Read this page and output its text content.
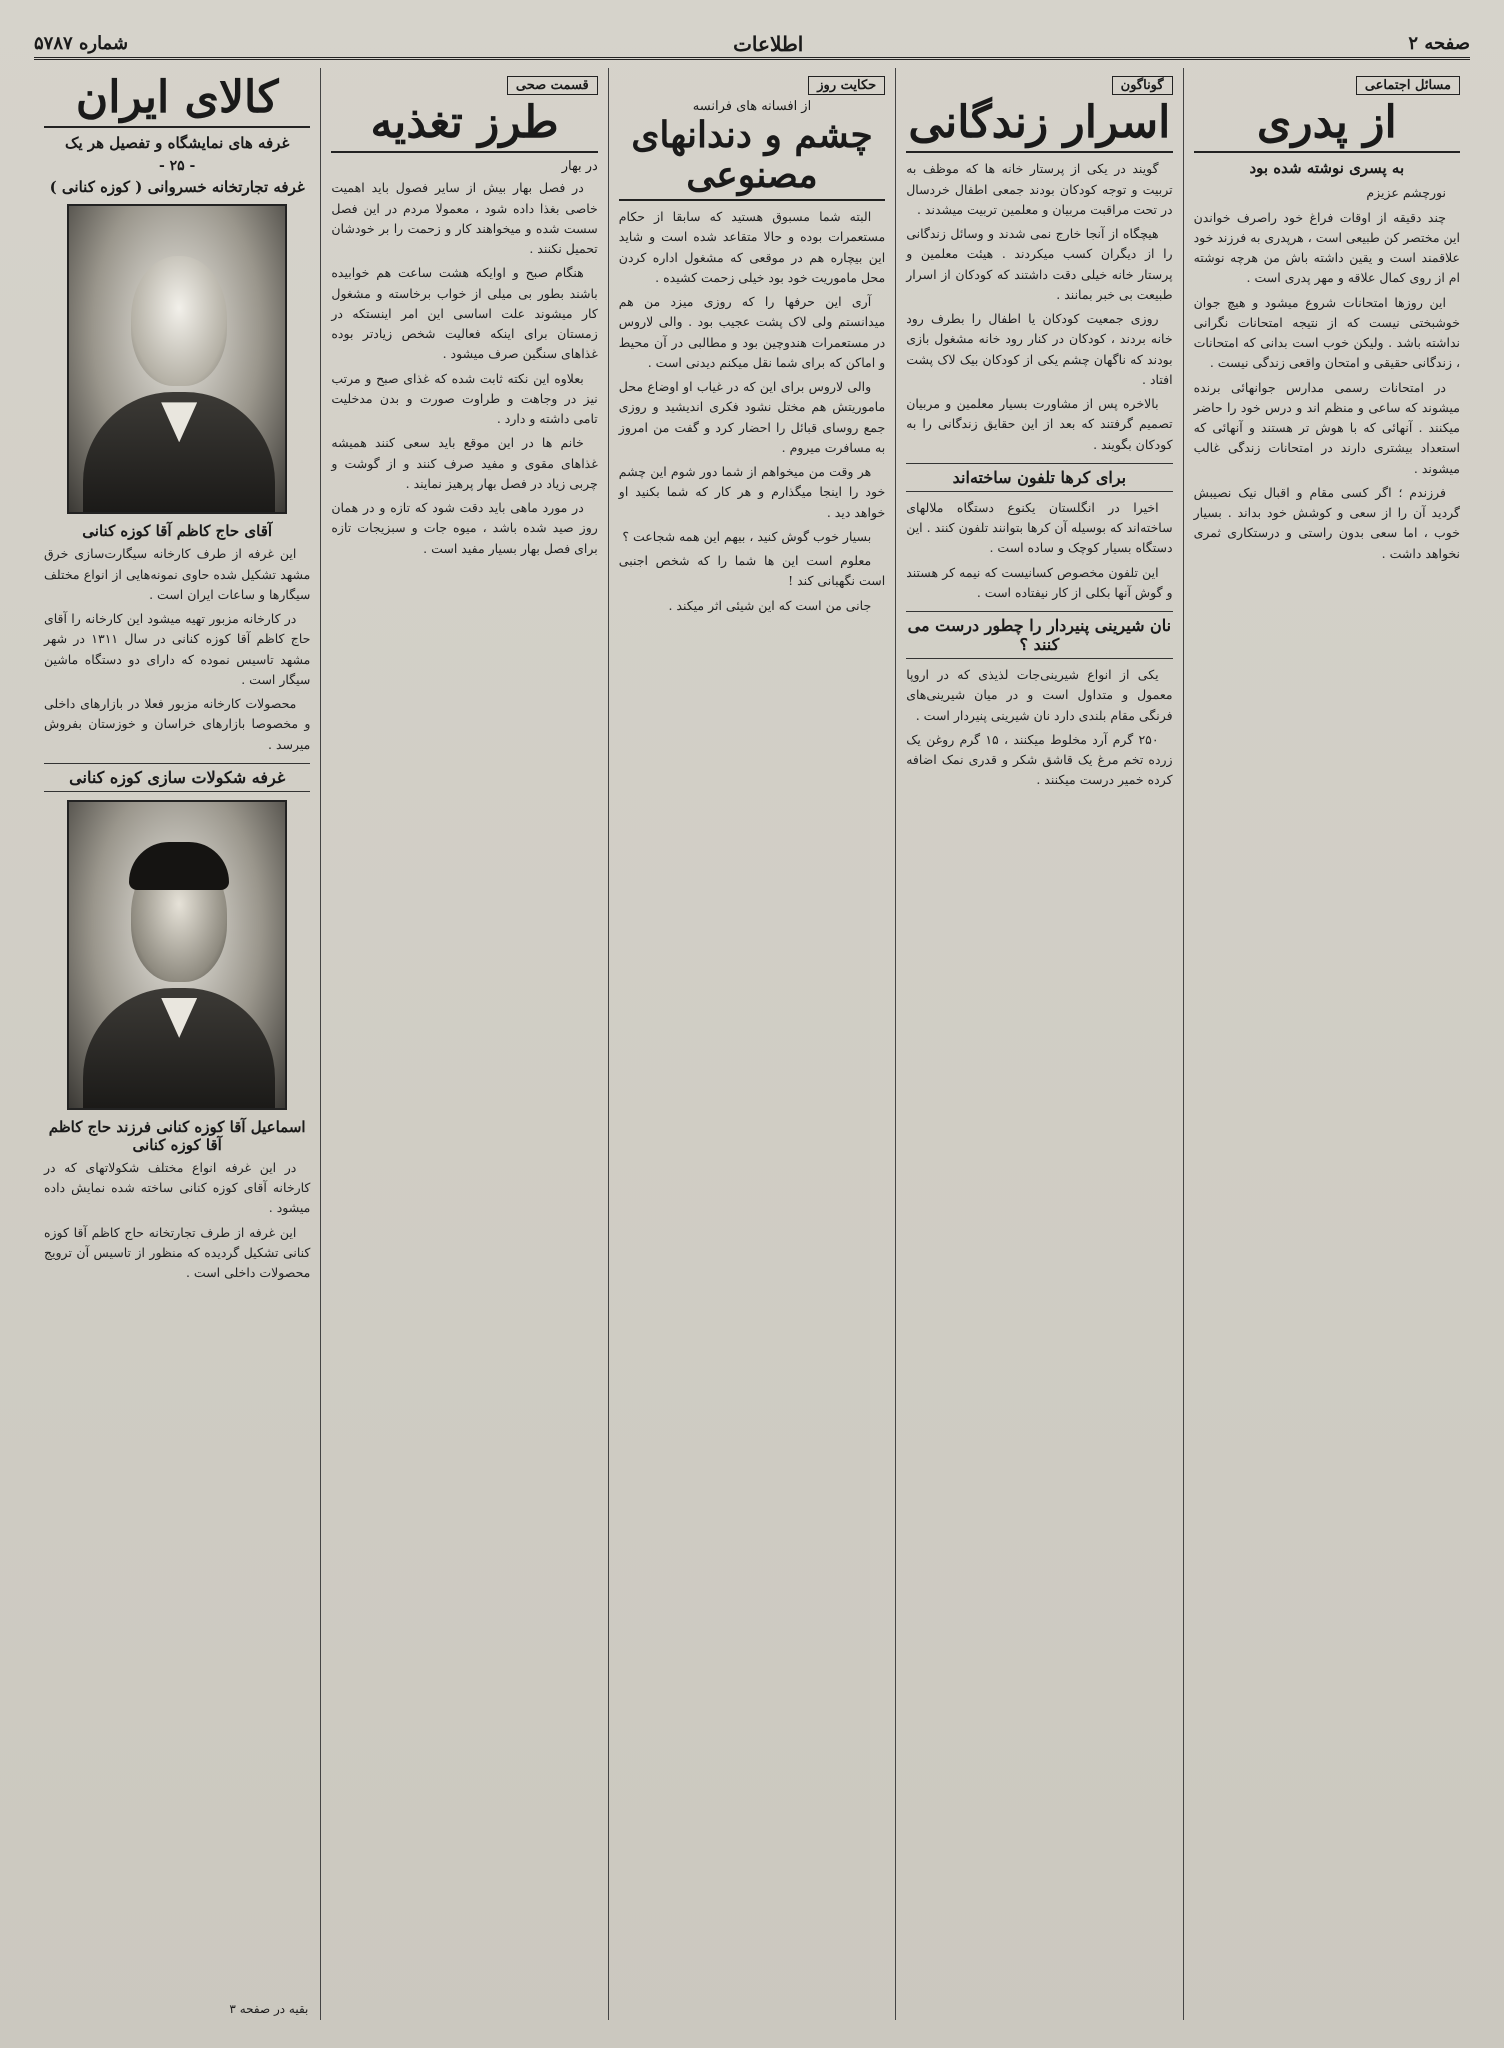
صفحه ۲
اطلاعات
شماره ۵۷۸۷
مسائل اجتماعی
از پدری
به پسری نوشته شده بود

نورچشم عزیزم

چند دقیقه از اوقات فراغ خود راصرف خواندن این مختصر کن طبیعی است ، هرپدری به فرزند خود علاقمند است و یقین داشته باش من هرچه نوشته ام از روی کمال علاقه و مهر پدری است .

این روزها امتحانات شروع میشود و هیچ جوان خوشبختی نیست که از نتیجه امتحانات نگرانی نداشته باشد . ولیکن خوب است بدانی که امتحانات ، زندگانی حقیقی و امتحان واقعی زندگی نیست .

در امتحانات رسمی مدارس جوانهائی برنده میشوند که ساعی و منظم اند و درس خود را حاضر میکنند . آنهائی که با هوش تر هستند و آنهائی که استعداد بیشتری دارند در امتحانات زندگی غالب میشوند .

فرزندم ؛ اگر کسی مقام و اقبال نیک نصیبش گردید آن را از سعی و کوشش خود بداند . بسیار خوب ، اما سعی بدون راستی و درستکاری ثمری نخواهد داشت .

گوناگون
اسرار زندگانی

گویند در یکی از پرستار خانه ها که موظف به تربیت و توجه کودکان بودند جمعی اطفال خردسال در تحت مراقبت مربیان و معلمین تربیت میشدند .

هیچگاه از آنجا خارج نمی شدند و وسائل زندگانی را از دیگران کسب میکردند . هیئت معلمین و پرستار خانه خیلی دقت داشتند که کودکان از اسرار طبیعت بی خبر بمانند .

روزی جمعیت کودکان یا اطفال را بطرف رود خانه بردند ، کودکان در کنار رود خانه مشغول بازی بودند که ناگهان چشم یکی از کودکان بیک لاک پشت افتاد .

بالاخره پس از مشاورت بسیار معلمین و مربیان تصمیم گرفتند که بعد از این حقایق زندگانی را به کودکان بگویند .

برای کرها تلفون ساخته‌اند

اخیرا در انگلستان یکنوع دستگاه ملالهای ساخته‌اند که بوسیله آن کرها بتوانند تلفون کنند . این دستگاه بسیار کوچک و ساده است .

این تلفون مخصوص کسانیست که نیمه کر هستند و گوش آنها بکلی از کار نیفتاده است .

نان شیرینی پنیردار را چطور درست می کنند ؟

یکی از انواع شیرینی‌جات لذیذی که در اروپا معمول و متداول است و در میان شیرینی‌های فرنگی مقام بلندی دارد نان شیرینی پنیردار است .

۲۵۰ گرم آرد مخلوط میکنند ، ۱۵ گرم روغن یک زرده تخم مرغ یک قاشق شکر و قدری نمک اضافه کرده خمیر درست میکنند .

حکایت روز
از افسانه های فرانسه
چشم و دندانهای مصنوعی

البته شما مسبوق هستید که سابقا از حکام مستعمرات بوده و حالا متقاعد شده است و شاید این بیچاره هم در موقعی که مشغول اداره کردن محل ماموریت خود بود خیلی زحمت کشیده .

آری این حرفها را که روزی میزد من هم میدانستم ولی لاک پشت عجیب بود . والی لاروس در مستعمرات هندوچین بود و مطالبی در آن محیط و اماکن که برای شما نقل میکنم دیدنی است .

والی لاروس برای این که در غیاب او اوضاع محل ماموریتش هم مختل نشود فکری اندیشید و روزی جمع روسای قبائل را احضار کرد و گفت من امروز به مسافرت میروم .

هر وقت من میخواهم از شما دور شوم این چشم خود را اینجا میگذارم و هر کار که شما بکنید او خواهد دید .

بسیار خوب گوش کنید ، بیهم این همه شجاعت ؟

معلوم است این ها شما را که شخص اجنبی است نگهبانی کند !

جانی من است که این شیئی اثر میکند .

قسمت صحی
طرز تغذیه
در بهار

در فصل بهار بیش از سایر فصول باید اهمیت خاصی بغذا داده شود ، معمولا مردم در این فصل سست شده و میخواهند کار و زحمت را بر خودشان تحمیل نکنند .

هنگام صبح و اوایکه هشت ساعت هم خوابیده باشند بطور بی میلی از خواب برخاسته و مشغول کار میشوند علت اساسی این امر اینستکه در زمستان برای اینکه فعالیت شخص زیادتر بوده غذاهای سنگین صرف میشود .

بعلاوه این نکته ثابت شده که غذای صبح و مرتب نیز در وجاهت و طراوت صورت و بدن مدخلیت تامی داشته و دارد .

خانم ها در این موقع باید سعی کنند همیشه غذاهای مقوی و مفید صرف کنند و از گوشت و چربی زیاد در فصل بهار پرهیز نمایند .

در مورد ماهی باید دقت شود که تازه و در همان روز صید شده باشد ، میوه جات و سبزیجات تازه برای فصل بهار بسیار مفید است .

کالای ایران
غرفه های نمایشگاه و تفصیل هر یک
- ۲۵ -
غرفه تجارتخانه خسروانی ( کوزه کنانی )
آقای حاج کاظم آقا کوزه کنانی

این غرفه از طرف کارخانه سیگارت‌سازی خرق مشهد تشکیل شده حاوی نمونه‌هایی از انواع مختلف سیگارها و ساعات ایران است .

در کارخانه مزبور تهیه میشود این کارخانه را آقای حاج کاظم آقا کوزه کنانی در سال ۱۳۱۱ در شهر مشهد تاسیس نموده که دارای دو دستگاه ماشین سیگار است .

محصولات کارخانه مزبور فعلا در بازارهای داخلی و مخصوصا بازارهای خراسان و خوزستان بفروش میرسد .

غرفه شکولات سازی کوزه کنانی
اسماعیل آقا کوزه کنانی فرزند حاج کاظم آقا کوزه کنانی

در این غرفه انواع مختلف شکولاتهای که در کارخانه آقای کوزه کنانی ساخته شده نمایش داده میشود .

این غرفه از طرف تجارتخانه حاج کاظم آقا کوزه کنانی تشکیل گردیده که منظور از تاسیس آن ترویج محصولات داخلی است .

بقیه در صفحه ۳
